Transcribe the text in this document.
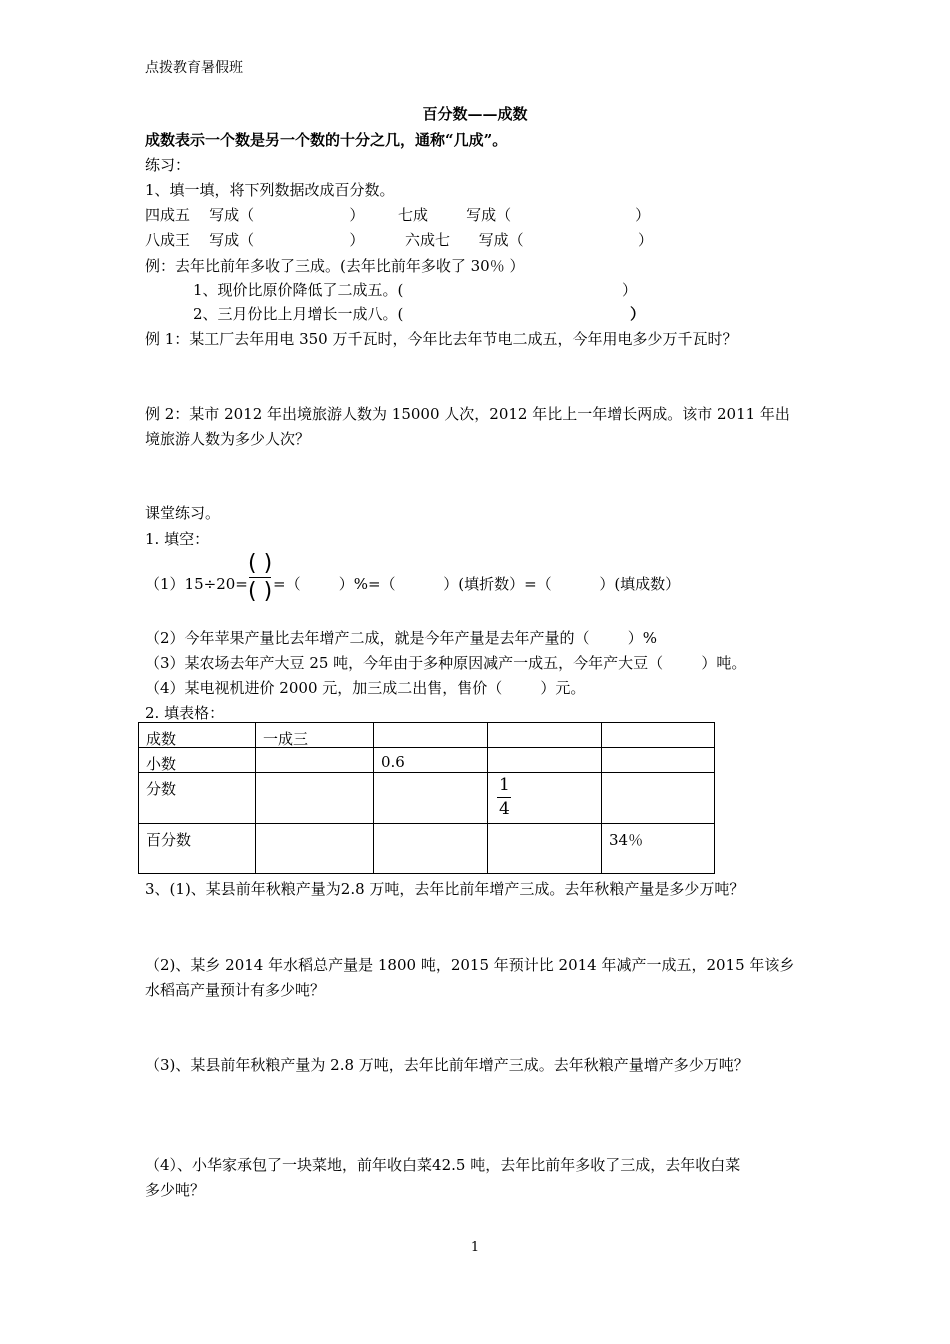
点拨教育暑假班
百分数——成数
成数表示一个数是另一个数的十分之几，通称“几成”。
练习：
1、填一填，将下列数据改成百分数。
四成五    写成（                    ） 七成        写成（                          ）
八成王    写成（                    ）	六成七      写成（                        ）
例：去年比前年多收了三成。(去年比前年多收了 30％ ）
1、现价比原价降低了二成五。(	）
2、三月份比上月增长一成八。(	）
例 1：某工厂去年用电 350 万千瓦时，今年比去年节电二成五，今年用电多少万千瓦时？
例 2：某市 2012 年出境旅游人数为 15000 人次，2012 年比上一年增长两成。该市 2011 年出
境旅游人数为多少人次？
课堂练习。
1. 填空：
（1）15÷20=
( )
( ) =（        ）%=（          ）(填折数）=（          ）(填成数）
（2）今年苹果产量比去年增产二成，就是今年产量是去年产量的（        ）%
（3）某农场去年产大豆 25 吨，今年由于多种原因减产一成五，今年产大豆（        ）吨。
（4）某电视机进价 2000 元，加三成二出售，售价（        ）元。
2. 填表格：
成数	一成三			

小数		0.6		

分数			1
4	

百分数				34％
3、(1)、某县前年秋粮产量为2.8 万吨，去年比前年增产三成。去年秋粮产量是多少万吨？
（2)、某乡 2014 年水稻总产量是 1800 吨，2015 年预计比 2014 年减产一成五，2015 年该乡
水稻高产量预计有多少吨？
（3)、某县前年秋粮产量为 2.8 万吨，去年比前年增产三成。去年秋粮产量增产多少万吨？
（4）、小华家承包了一块菜地，前年收白菜42.5 吨，去年比前年多收了三成，去年收白菜
多少吨？
1
